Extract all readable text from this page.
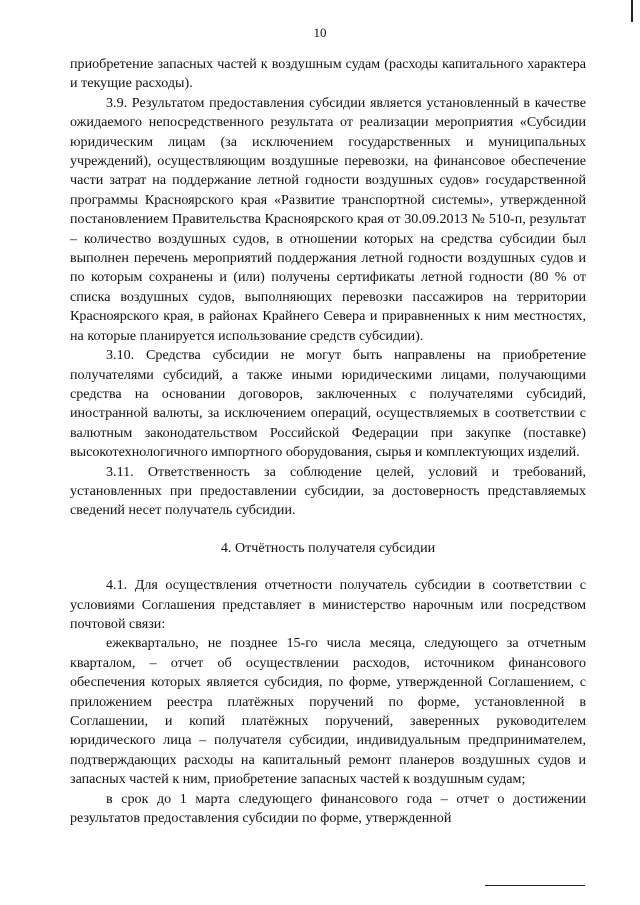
10

приобретение запасных частей к воздушным судам (расходы капитального характера и текущие расходы).

3.9. Результатом предоставления субсидии является установленный в качестве ожидаемого непосредственного результата от реализации мероприятия «Субсидии юридическим лицам (за исключением государственных и муниципальных учреждений), осуществляющим воздушные перевозки, на финансовое обеспечение части затрат на поддержание летной годности воздушных судов» государственной программы Красноярского края «Развитие транспортной системы», утвержденной постановлением Правительства Красноярского края от 30.09.2013 № 510-п, результат – количество воздушных судов, в отношении которых на средства субсидии был выполнен перечень мероприятий поддержания летной годности воздушных судов и по которым сохранены и (или) получены сертификаты летной годности (80 % от списка воздушных судов, выполняющих перевозки пассажиров на территории Красноярского края, в районах Крайнего Севера и приравненных к ним местностях, на которые планируется использование средств субсидии).

3.10. Средства субсидии не могут быть направлены на приобретение получателями субсидий, а также иными юридическими лицами, получающими средства на основании договоров, заключенных с получателями субсидий, иностранной валюты, за исключением операций, осуществляемых в соответствии с валютным законодательством Российской Федерации при закупке (поставке) высокотехнологичного импортного оборудования, сырья и комплектующих изделий.

3.11. Ответственность за соблюдение целей, условий и требований, установленных при предоставлении субсидии, за достоверность представляемых сведений несет получатель субсидии.

4. Отчётность получателя субсидии

4.1. Для осуществления отчетности получатель субсидии в соответствии с условиями Соглашения представляет в министерство нарочным или посредством почтовой связи:

ежеквартально, не позднее 15-го числа месяца, следующего за отчетным кварталом, – отчет об осуществлении расходов, источником финансового обеспечения которых является субсидия, по форме, утвержденной Соглашением, с приложением реестра платёжных поручений по форме, установленной в Соглашении, и копий платёжных поручений, заверенных руководителем юридического лица – получателя субсидии, индивидуальным предпринимателем, подтверждающих расходы на капитальный ремонт планеров воздушных судов и запасных частей к ним, приобретение запасных частей к воздушным судам;

в срок до 1 марта следующего финансового года – отчет о достижении результатов предоставления субсидии по форме, утвержденной
